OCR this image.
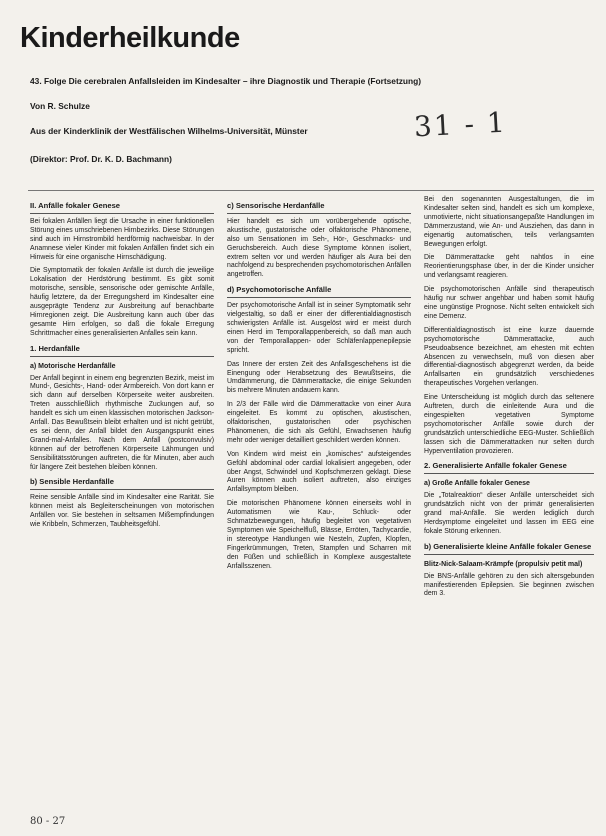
Kinderheilkunde
43. Folge Die cerebralen Anfallsleiden im Kindesalter – ihre Diagnostik und Therapie (Fortsetzung)
Von R. Schulze
Aus der Kinderklinik der Westfälischen Wilhelms-Universität, Münster
(Direktor: Prof. Dr. K. D. Bachmann)
31 - 1
II. Anfälle fokaler Genese

Bei fokalen Anfällen liegt die Ursache in einer funktionellen Störung eines umschriebenen Hirnbezirks. Diese Störungen sind auch im Hirnstrombild herdförmig nachweisbar. In der Anamnese vieler Kinder mit fokalen Anfällen findet sich ein Hinweis für eine organische Hirnschädigung.

Die Symptomatik der fokalen Anfälle ist durch die jeweilige Lokalisation der Herdstörung bestimmt. Es gibt somit motorische, sensible, sensorische oder gemischte Anfälle, häufig letztere, da der Erregungsherd im Kindesalter eine ausgeprägte Tendenz zur Ausbreitung auf benachbarte Hirnregionen zeigt. Die Ausbreitung kann auch über das gesamte Hirn erfolgen, so daß die fokale Erregung Schrittmacher eines generalisierten Anfalles sein kann.

1. Herdanfälle
a) Motorische Herdanfälle

Der Anfall beginnt in einem eng begrenzten Bezirk, meist im Mund-, Gesichts-, Hand- oder Armbereich. Von dort kann er sich dann auf derselben Körperseite weiter ausbreiten. Treten ausschließlich rhythmische Zuckungen auf, so handelt es sich um einen klassischen motorischen Jackson-Anfall. Das Bewußtsein bleibt erhalten und ist nicht getrübt, es sei denn, der Anfall bildet den Ausgangspunkt eines Grand-mal-Anfalles. Nach dem Anfall (postconvulsiv) können auf der betroffenen Körperseite Lähmungen und Sensibilitätsstörungen auftreten, die für Minuten, aber auch für längere Zeit bestehen bleiben können.

b) Sensible Herdanfälle

Reine sensible Anfälle sind im Kindesalter eine Rarität. Sie können meist als Begleiterscheinungen von motorischen Anfällen vor. Sie bestehen in seltsamen Mißempfindungen wie Kribbeln, Schmerzen, Taubheitsgefühl.

c) Sensorische Herdanfälle

Hier handelt es sich um vorübergehende optische, akustische, gustatorische oder olfaktorische Phänomene, also um Sensationen im Seh-, Hör-, Geschmacks- und Geruchsbereich. Auch diese Symptome können isoliert, extrem selten vor und werden häufiger als Aura bei den nachfolgend zu besprechenden psychomotorischen Anfällen angetroffen.

d) Psychomotorische Anfälle

Der psychomotorische Anfall ist in seiner Symptomatik sehr vielgestaltig, so daß er einer der differentialdiagnostisch schwierigsten Anfälle ist. Ausgelöst wird er meist durch einen Herd im Temporallappenbereich, so daß man auch von der Temporallappen- oder Schläfenlappenepilepsie spricht.

Das Innere der ersten Zeit des Anfallsgeschehens ist die Einengung oder Herabsetzung des Bewußtseins, die Umdämmerung, die Dämmerattacke, die einige Sekunden bis mehrere Minuten andauern kann.

In 2/3 der Fälle wird die Dämmerattacke von einer Aura eingeleitet. Es kommt zu optischen, akustischen, olfaktorischen, gustatorischen oder psychischen Phänomenen, die sich als Gefühl, Erwachsenen häufig mehr oder weniger detailliert geschildert werden können.

Von Kindern wird meist ein „komisches“ aufsteigendes Gefühl abdominal oder cardial lokalisiert angegeben, oder über Angst, Schwindel und Kopfschmerzen geklagt. Diese Auren können auch isoliert auftreten, also einziges Anfallsymptom bleiben.

Die motorischen Phänomene können einerseits wohl in Automatismen wie Kau-, Schluck- oder Schmatzbewegungen, häufig begleitet von vegetativen Symptomen wie Speichelfluß, Blässe, Erröten, Tachycardie, in stereotype Handlungen wie Nesteln, Zupfen, Klopfen, Fingerkrümmungen, Treten, Stampfen und Scharren mit den Füßen und schließlich in Komplexe ausgestaltete Anfallsszenen.

Bei den sogenannten Ausgestaltungen, die im Kindesalter selten sind, handelt es sich um komplexe, unmotivierte, nicht situationsangepaßte Handlungen im Dämmerzustand, wie An- und Ausziehen, das dann in eigenartig automatischen, teils verlangsamten Bewegungen erfolgt.

Die Dämmerattacke geht nahtlos in eine Reorientierungsphase über, in der die Kinder unsicher und verlangsamt reagieren.

Die psychomotorischen Anfälle sind therapeutisch häufig nur schwer angehbar und haben somit häufig eine ungünstige Prognose. Nicht selten entwickelt sich eine Demenz.

Differentialdiagnostisch ist eine kurze dauernde psychomotorische Dämmerattacke, auch Pseudoabsence bezeichnet, am ehesten mit echten Absencen zu verwechseln, muß von diesen aber differential-diagnostisch abgegrenzt werden, da beide Anfallsarten ein grundsätzlich verschiedenes therapeutisches Vorgehen verlangen.

Eine Unterscheidung ist möglich durch das seltenere Auftreten, durch die einleitende Aura und die eingespielten vegetativen Symptome psychomotorischer Anfälle sowie durch der grundsätzlich unterschiedliche EEG-Muster. Schließlich lassen sich die Dämmerattacken nur selten durch Hyperventilation provozieren.

2. Generalisierte Anfälle fokaler Genese
a) Große Anfälle fokaler Genese

Die „Totalreaktion“ dieser Anfälle unterscheidet sich grundsätzlich nicht von der primär generalisierten grand mal-Anfälle. Sie werden lediglich durch Herdsymptome eingeleitet und lassen im EEG eine fokale Störung erkennen.

b) Generalisierte kleine Anfälle fokaler Genese
Blitz-Nick-Salaam-Krämpfe (propulsiv petit mal)

Die BNS-Anfälle gehören zu den sich altersgebunden manifestierenden Epilepsien. Sie beginnen zwischen dem 3.

80 - 27
